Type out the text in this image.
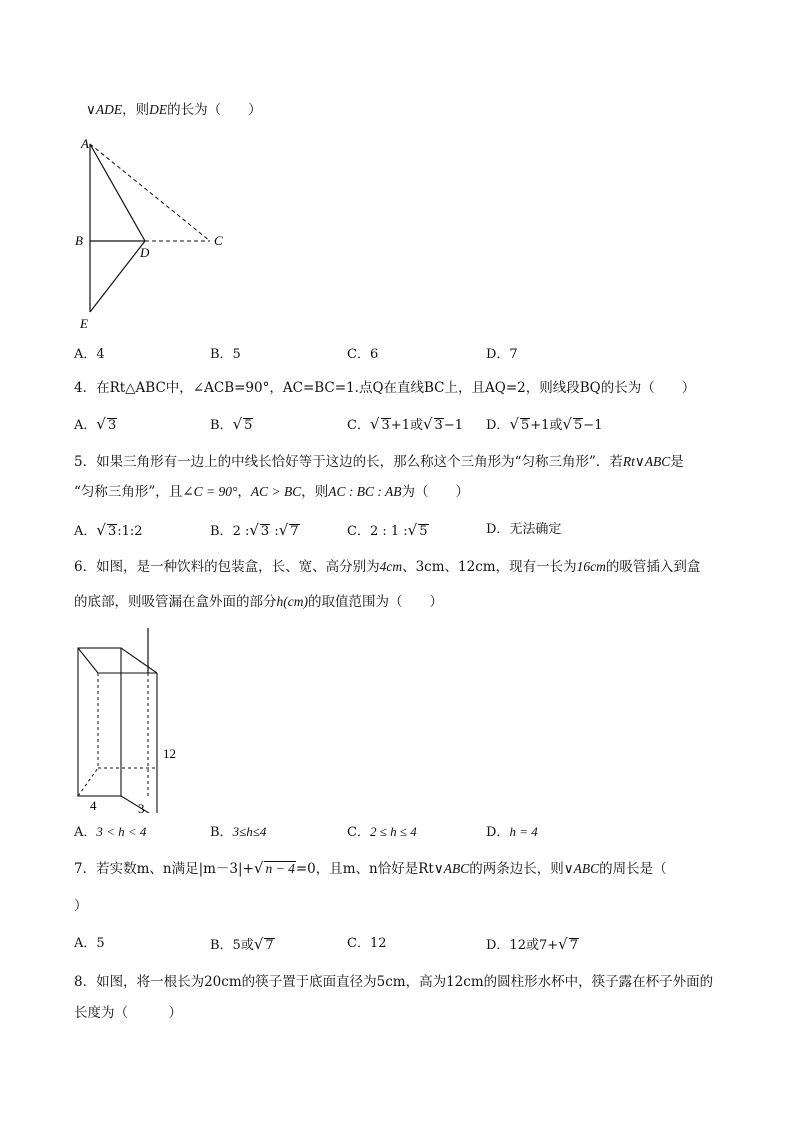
∨ADE，则DE的长为（　　）
A
B
D
C
E
A．4	B．5	C．6	D．7
4．在Rt△ABC中，∠ACB=90°，AC=BC=1.点Q在直线BC上，且AQ=2，则线段BQ的长为（　　）
A．√ 3	B．√ 5	C．√ 3+1或√ 3−1 D．√ 5+1或√ 5−1
5．如果三角形有一边上的中线长恰好等于这边的长，那么称这个三角形为“匀称三角形”．若Rt∨ABC是
“匀称三角形”，且∠C = 90°，AC > BC，则AC : BC : AB为（　　）
A．√ 3:1:2	B．2 :√ 3 :√ 7	C．2 : 1 :√ 5	D．无法确定
6．如图，是一种饮料的包装盒，长、宽、高分别为4cm、3cm、12cm，现有一长为16cm的吸管插入到盒
的底部，则吸管漏在盒外面的部分h(cm)的取值范围为（　　）
12
4	3
A．3 < h < 4	B．3≤h≤4	C．2 ≤ h ≤ 4	D．h = 4
7．若实数m、n满足|m－3|+√ n − 4=0，且m、n恰好是Rt∨ABC的两条边长，则∨ABC的周长是（
）
A．5	B．5或√ 7	C．12	D．12或7+√ 7
8．如图，将一根长为20cm的筷子置于底面直径为5cm，高为12cm的圆柱形水杯中，筷子露在杯子外面的
长度为（　　　）
